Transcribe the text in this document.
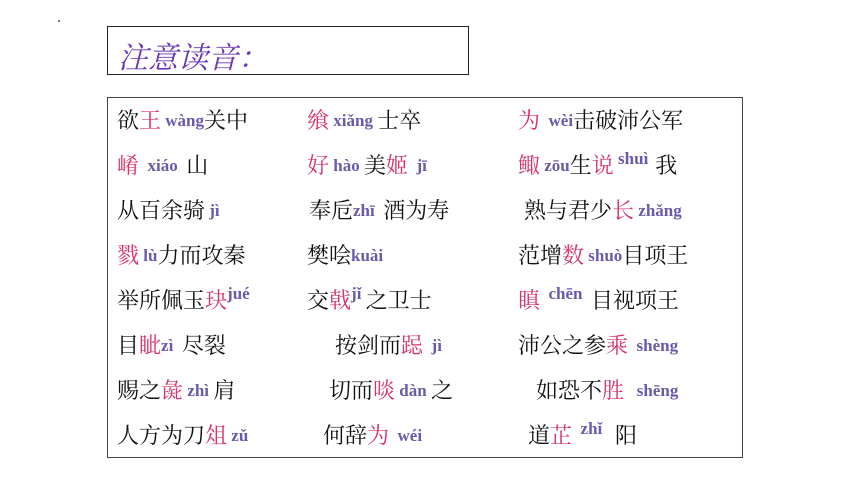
注意读音：
欲王 wàng关中	飨 xiǎng 士卒	为  wèi击破沛公军
崤  xiáo  山	好 hào 美姬  jī	鲰 zōu生说 shuì 我
从百余骑 jì	奉卮zhī  酒为寿	熟与君少长 zhǎng
戮 lù力而攻秦	樊哙kuài	范增数 shuò目项王
举所佩玉玦jué	交戟jǐ 之卫士	瞋  chēn  目视项王
目眦zì  尽裂	按剑而跽  jì	沛公之参乘  shèng
赐之彘 zhì 肩	切而啖 dàn 之	如恐不胜   shēng
人方为刀俎 zǔ	何辞为  wéi	道芷  zhǐ   阳
